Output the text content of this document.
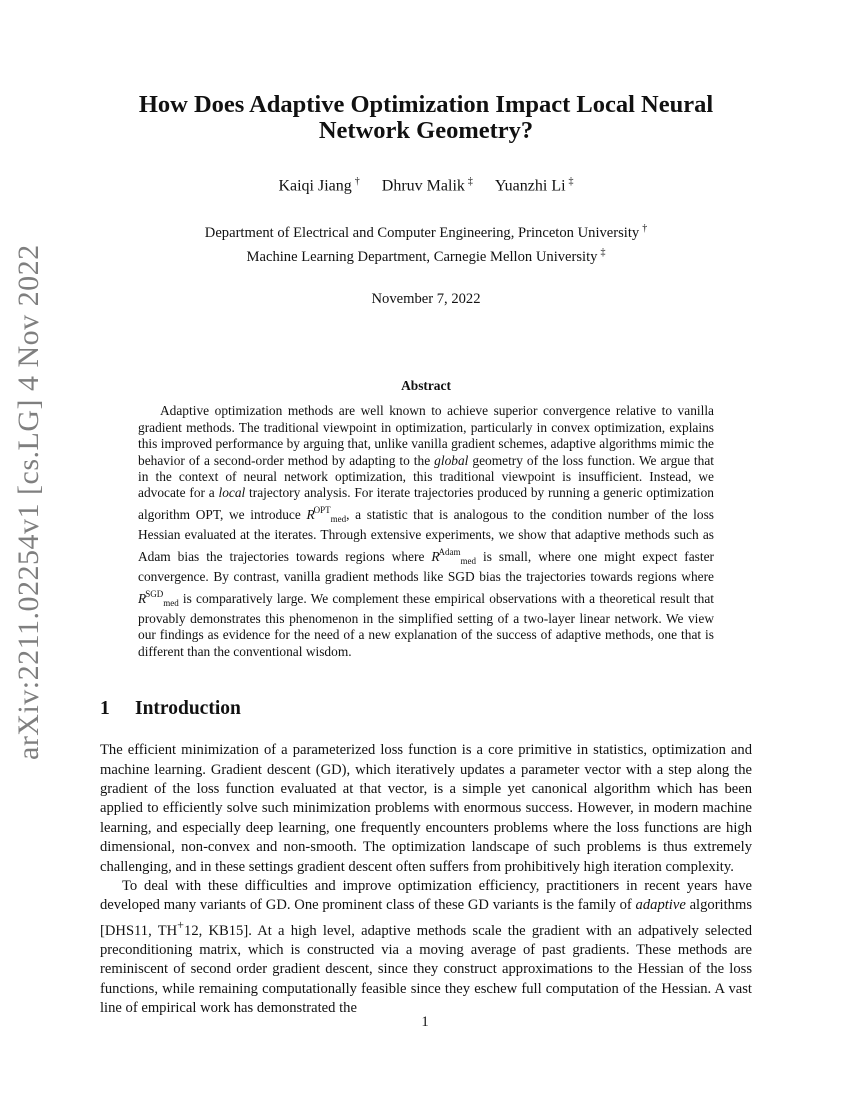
arXiv:2211.02254v1 [cs.LG] 4 Nov 2022
How Does Adaptive Optimization Impact Local Neural Network Geometry?
Kaiqi Jiang † Dhruv Malik ‡ Yuanzhi Li ‡
Department of Electrical and Computer Engineering, Princeton University †
Machine Learning Department, Carnegie Mellon University ‡
November 7, 2022
Abstract

Adaptive optimization methods are well known to achieve superior convergence relative to vanilla gradient methods. The traditional viewpoint in optimization, particularly in convex optimization, explains this improved performance by arguing that, unlike vanilla gradient schemes, adaptive algorithms mimic the behavior of a second-order method by adapting to the global geometry of the loss function. We argue that in the context of neural network optimization, this traditional viewpoint is insufficient. Instead, we advocate for a local trajectory analysis. For iterate trajectories produced by running a generic optimization algorithm OPT, we introduce $R^{OPT}_{med}$, a statistic that is analogous to the condition number of the loss Hessian evaluated at the iterates. Through extensive experiments, we show that adaptive methods such as Adam bias the trajectories towards regions where $R^{Adam}_{med}$ is small, where one might expect faster convergence. By contrast, vanilla gradient methods like SGD bias the trajectories towards regions where $R^{SGD}_{med}$ is comparatively large. We complement these empirical observations with a theoretical result that provably demonstrates this phenomenon in the simplified setting of a two-layer linear network. We view our findings as evidence for the need of a new explanation of the success of adaptive methods, one that is different than the conventional wisdom.

1	Introduction

The efficient minimization of a parameterized loss function is a core primitive in statistics, optimization and machine learning. Gradient descent (GD), which iteratively updates a parameter vector with a step along the gradient of the loss function evaluated at that vector, is a simple yet canonical algorithm which has been applied to efficiently solve such minimization problems with enormous success. However, in modern machine learning, and especially deep learning, one frequently encounters problems where the loss functions are high dimensional, non-convex and non-smooth. The optimization landscape of such problems is thus extremely challenging, and in these settings gradient descent often suffers from prohibitively high iteration complexity.

To deal with these difficulties and improve optimization efficiency, practitioners in recent years have developed many variants of GD. One prominent class of these GD variants is the family of adaptive algorithms [DHS11, TH+12, KB15]. At a high level, adaptive methods scale the gradient with an adpatively selected preconditioning matrix, which is constructed via a moving average of past gradients. These methods are reminiscent of second order gradient descent, since they construct approximations to the Hessian of the loss functions, while remaining computationally feasible since they eschew full computation of the Hessian. A vast line of empirical work has demonstrated the

1
